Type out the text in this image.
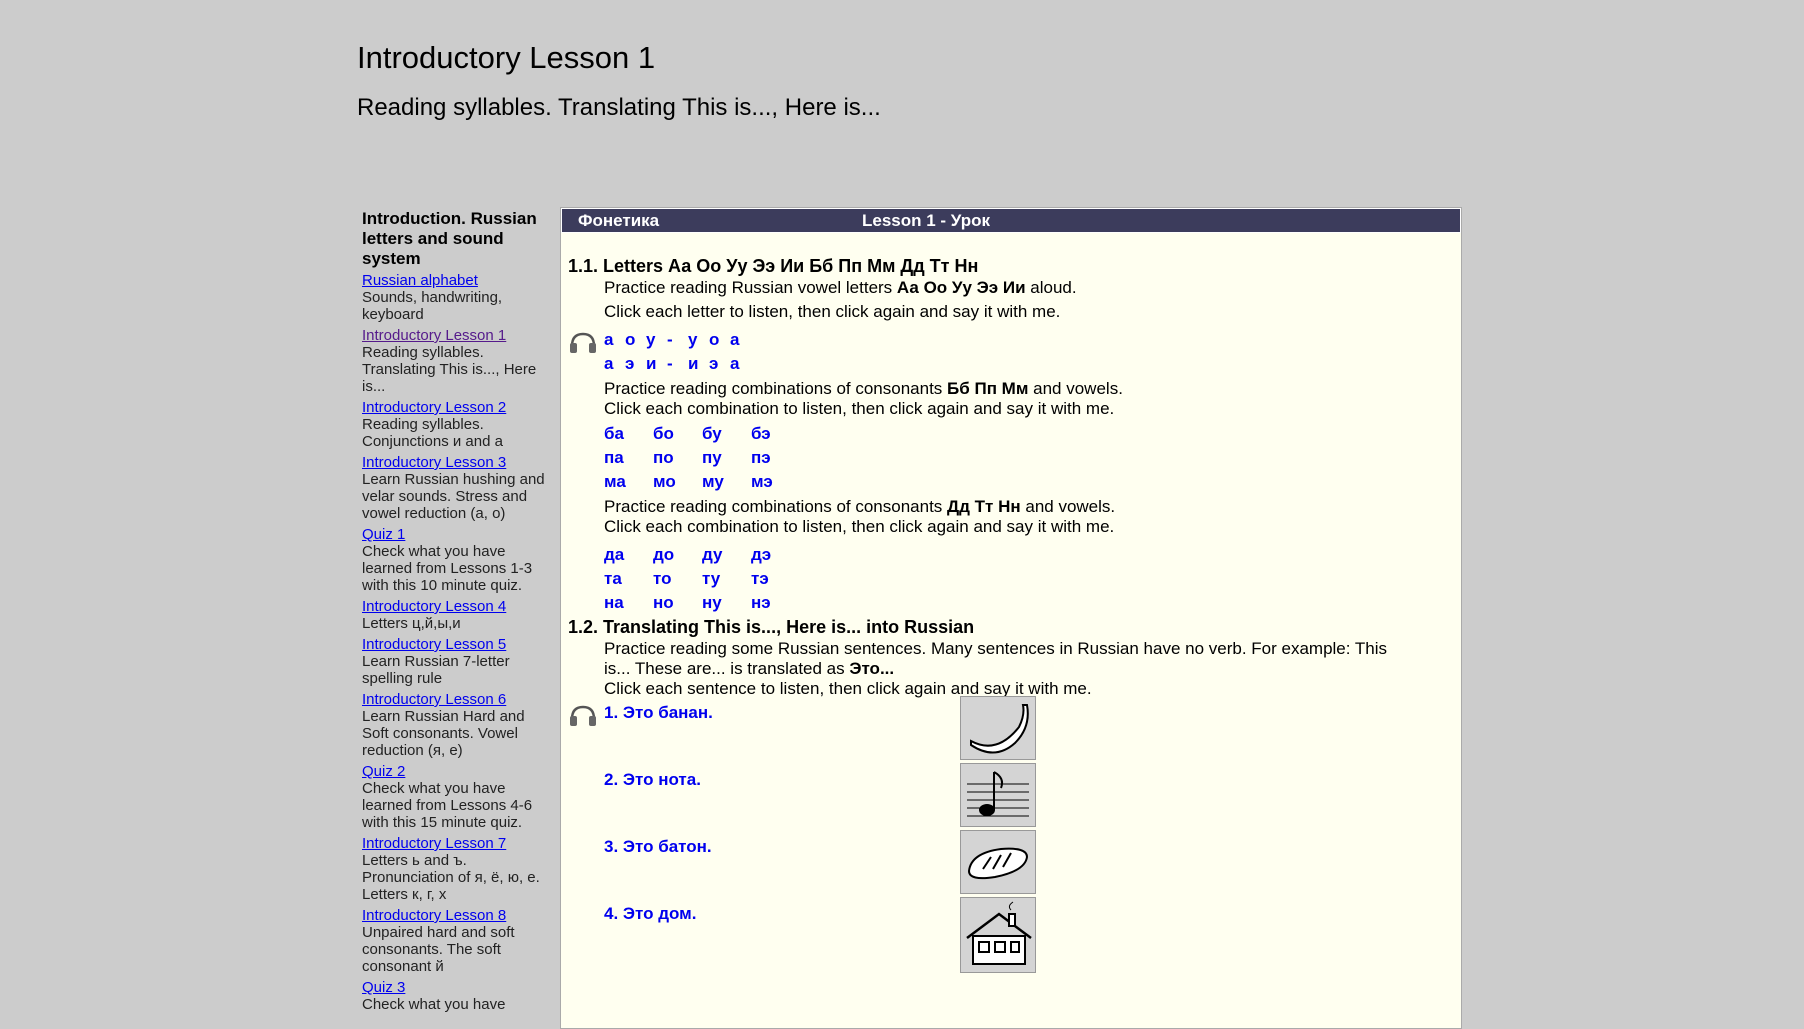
Introductory Lesson 1
Reading syllables. Translating This is..., Here is...
Introduction. Russian letters and sound system
Russian alphabet
Sounds, handwriting, keyboard
Introductory Lesson 1
Reading syllables. Translating This is..., Here is...
Introductory Lesson 2
Reading syllables. Conjunctions и and а
Introductory Lesson 3
Learn Russian hushing and velar sounds. Stress and vowel reduction (а, о)
Quiz 1
Check what you have learned from Lessons 1-3 with this 10 minute quiz.
Introductory Lesson 4
Letters ц,й,ы,и
Introductory Lesson 5
Learn Russian 7-letter spelling rule
Introductory Lesson 6
Learn Russian Hard and Soft consonants. Vowel reduction (я, е)
Quiz 2
Check what you have learned from Lessons 4-6 with this 15 minute quiz.
Introductory Lesson 7
Letters ь and ъ. Pronunciation of я, ё, ю, е. Letters к, г, х
Introductory Lesson 8
Unpaired hard and soft consonants. The soft consonant й
Quiz 3
Check what you have
Фонетика	Lesson 1 - Урок
1.1. Letters Аа Оо Уу Ээ Ии Бб Пп Мм Дд Тт Нн
Practice reading Russian vowel letters Аа Оо Уу Ээ Ии aloud.
Click each letter to listen, then click again and say it with me.
а о у - у о а
а э и - и э а
Practice reading combinations of consonants Бб Пп Мм and vowels.
Click each combination to listen, then click again and say it with me.
ба	бо	бу	бэ
па	по	пу	пэ
ма	мо	му	мэ
Practice reading combinations of consonants Дд Тт Нн and vowels.
Click each combination to listen, then click again and say it with me.
да	до	ду	дэ
та	то	ту	тэ
на	но	ну	нэ
1.2. Translating This is..., Here is... into Russian
Practice reading some Russian sentences. Many sentences in Russian have no verb. For example: This is... These are... is translated as Это...
Click each sentence to listen, then click again and say it with me.
1. Это банан.
2. Это нота.
3. Это батон.
4. Это дом.
